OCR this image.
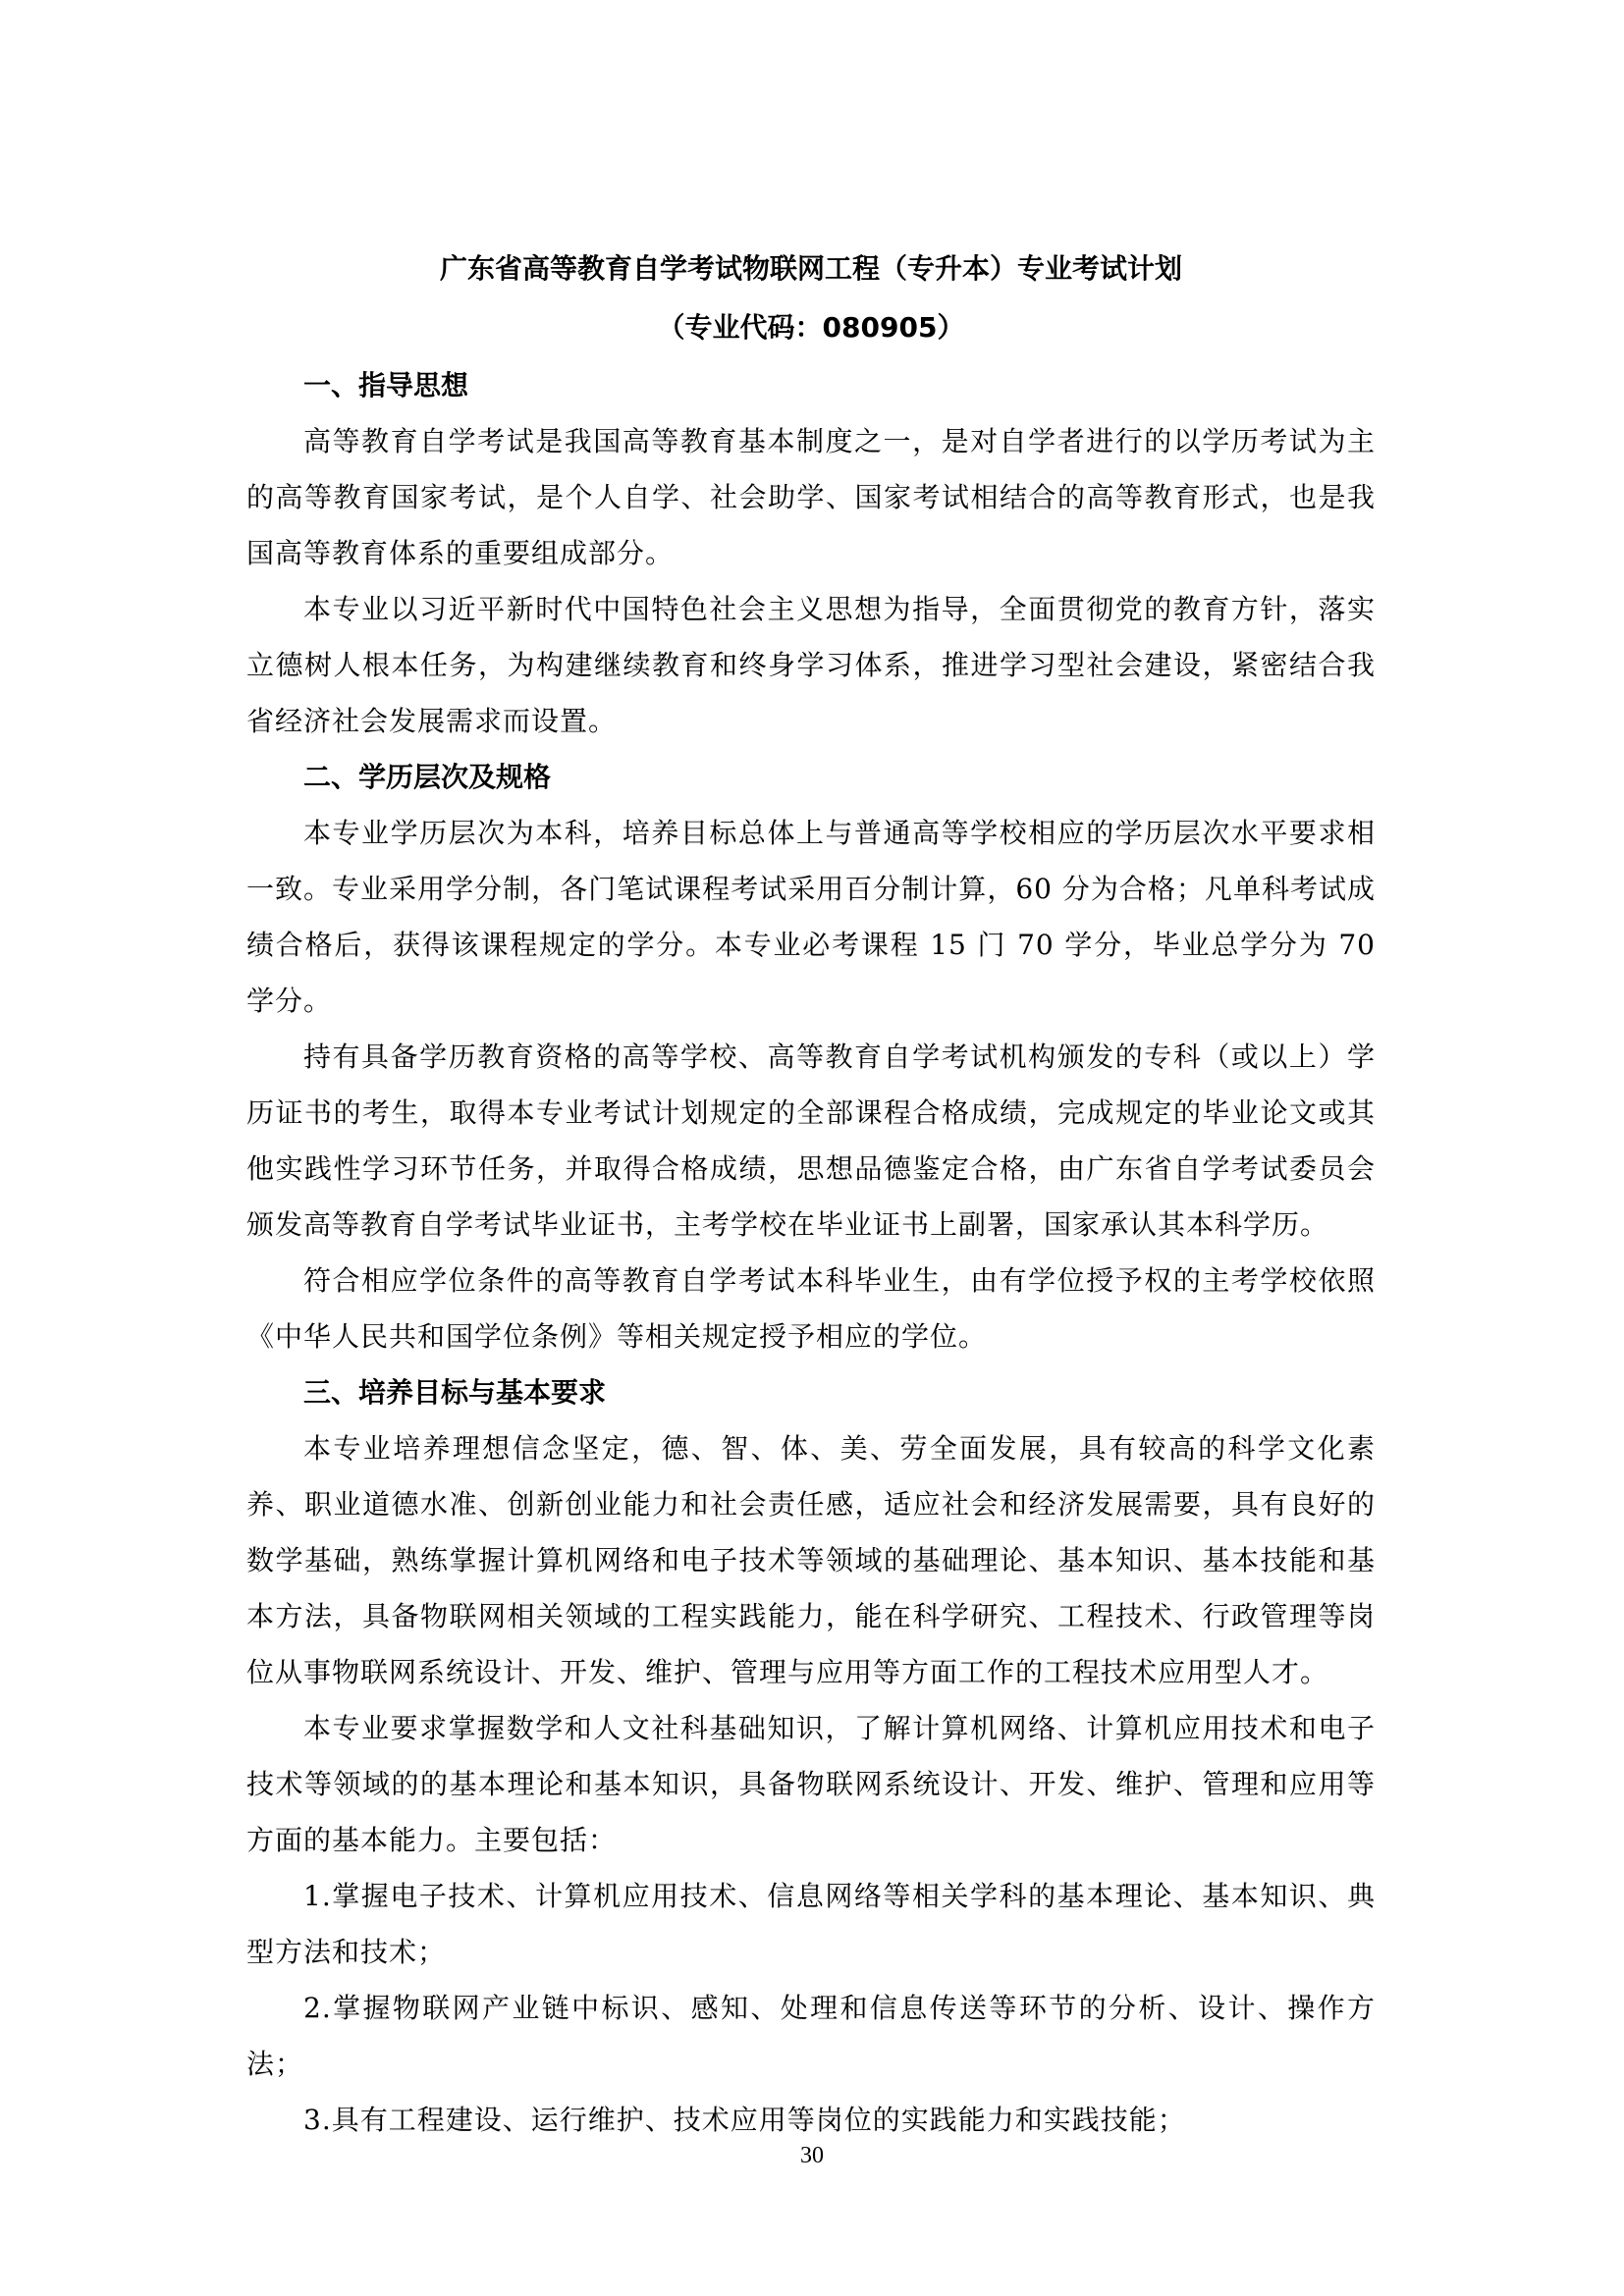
广东省高等教育自学考试物联网工程（专升本）专业考试计划

（专业代码：080905）

一、指导思想

高等教育自学考试是我国高等教育基本制度之一，是对自学者进行的以学历考试为主的高等教育国家考试，是个人自学、社会助学、国家考试相结合的高等教育形式，也是我国高等教育体系的重要组成部分。

本专业以习近平新时代中国特色社会主义思想为指导，全面贯彻党的教育方针，落实立德树人根本任务，为构建继续教育和终身学习体系，推进学习型社会建设，紧密结合我省经济社会发展需求而设置。

二、学历层次及规格

本专业学历层次为本科，培养目标总体上与普通高等学校相应的学历层次水平要求相一致。专业采用学分制，各门笔试课程考试采用百分制计算，60 分为合格；凡单科考试成绩合格后，获得该课程规定的学分。本专业必考课程 15 门 70 学分，毕业总学分为 70 学分。

持有具备学历教育资格的高等学校、高等教育自学考试机构颁发的专科（或以上）学历证书的考生，取得本专业考试计划规定的全部课程合格成绩，完成规定的毕业论文或其他实践性学习环节任务，并取得合格成绩，思想品德鉴定合格，由广东省自学考试委员会颁发高等教育自学考试毕业证书，主考学校在毕业证书上副署，国家承认其本科学历。

符合相应学位条件的高等教育自学考试本科毕业生，由有学位授予权的主考学校依照《中华人民共和国学位条例》等相关规定授予相应的学位。

三、培养目标与基本要求

本专业培养理想信念坚定，德、智、体、美、劳全面发展，具有较高的科学文化素养、职业道德水准、创新创业能力和社会责任感，适应社会和经济发展需要，具有良好的数学基础，熟练掌握计算机网络和电子技术等领域的基础理论、基本知识、基本技能和基本方法，具备物联网相关领域的工程实践能力，能在科学研究、工程技术、行政管理等岗位从事物联网系统设计、开发、维护、管理与应用等方面工作的工程技术应用型人才。

本专业要求掌握数学和人文社科基础知识，了解计算机网络、计算机应用技术和电子技术等领域的的基本理论和基本知识，具备物联网系统设计、开发、维护、管理和应用等方面的基本能力。主要包括：

1.掌握电子技术、计算机应用技术、信息网络等相关学科的基本理论、基本知识、典型方法和技术；

2.掌握物联网产业链中标识、感知、处理和信息传送等环节的分析、设计、操作方法；

3.具有工程建设、运行维护、技术应用等岗位的实践能力和实践技能；

30
